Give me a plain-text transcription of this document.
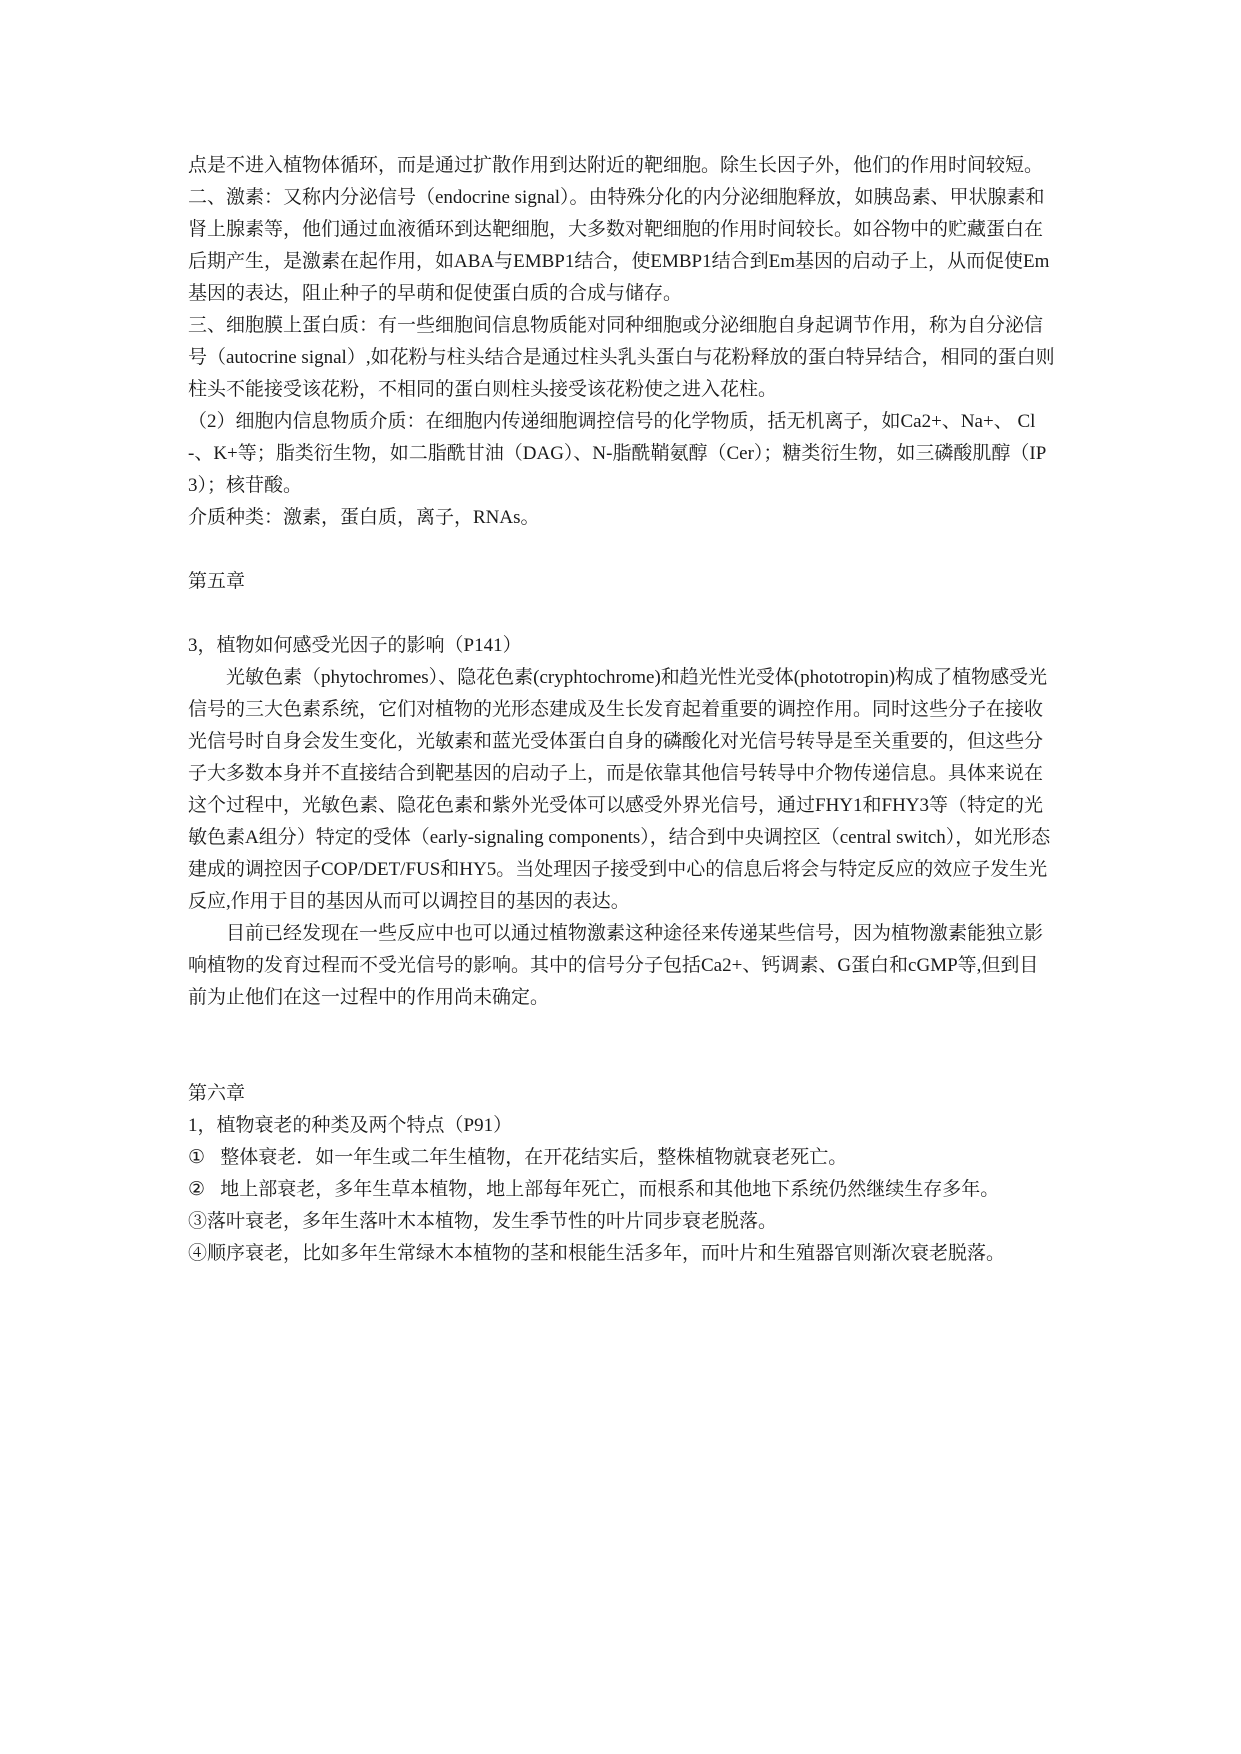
点是不进入植物体循环，而是通过扩散作用到达附近的靶细胞。除生长因子外，他们的作用时间较短。

二、激素：又称内分泌信号（endocrine signal）。由特殊分化的内分泌细胞释放，如胰岛素、甲状腺素和肾上腺素等，他们通过血液循环到达靶细胞，大多数对靶细胞的作用时间较长。如谷物中的贮藏蛋白在后期产生，是激素在起作用，如ABA与EMBP1结合，使EMBP1结合到Em基因的启动子上，从而促使Em基因的表达，阻止种子的早萌和促使蛋白质的合成与储存。

三、细胞膜上蛋白质：有一些细胞间信息物质能对同种细胞或分泌细胞自身起调节作用，称为自分泌信号（autocrine signal）,如花粉与柱头结合是通过柱头乳头蛋白与花粉释放的蛋白特异结合，相同的蛋白则柱头不能接受该花粉，不相同的蛋白则柱头接受该花粉使之进入花柱。

（2）细胞内信息物质介质：在细胞内传递细胞调控信号的化学物质，括无机离子，如Ca2+、Na+、 Cl-、K+等；脂类衍生物，如二脂酰甘油（DAG）、N-脂酰鞘氨醇（Cer）；糖类衍生物，如三磷酸肌醇（IP3）；核苷酸。

介质种类：激素，蛋白质，离子，RNAs。

第五章

3，植物如何感受光因子的影响（P141）

光敏色素（phytochromes）、隐花色素(cryphtochrome)和趋光性光受体(phototropin)构成了植物感受光信号的三大色素系统，它们对植物的光形态建成及生长发育起着重要的调控作用。同时这些分子在接收光信号时自身会发生变化，光敏素和蓝光受体蛋白自身的磷酸化对光信号转导是至关重要的，但这些分子大多数本身并不直接结合到靶基因的启动子上，而是依靠其他信号转导中介物传递信息。具体来说在这个过程中，光敏色素、隐花色素和紫外光受体可以感受外界光信号，通过FHY1和FHY3等（特定的光敏色素A组分）特定的受体（early-signaling components），结合到中央调控区（central switch），如光形态建成的调控因子COP/DET/FUS和HY5。当处理因子接受到中心的信息后将会与特定反应的效应子发生光反应,作用于目的基因从而可以调控目的基因的表达。

目前已经发现在一些反应中也可以通过植物激素这种途径来传递某些信号，因为植物激素能独立影响植物的发育过程而不受光信号的影响。其中的信号分子包括Ca2+、钙调素、G蛋白和cGMP等,但到目前为止他们在这一过程中的作用尚未确定。

第六章

1，植物衰老的种类及两个特点（P91）

① 整体衰老．如一年生或二年生植物，在开花结实后，整株植物就衰老死亡。
② 地上部衰老，多年生草本植物，地上部每年死亡，而根系和其他地下系统仍然继续生存多年。

③落叶衰老，多年生落叶木本植物，发生季节性的叶片同步衰老脱落。

④顺序衰老，比如多年生常绿木本植物的茎和根能生活多年，而叶片和生殖器官则渐次衰老脱落。
